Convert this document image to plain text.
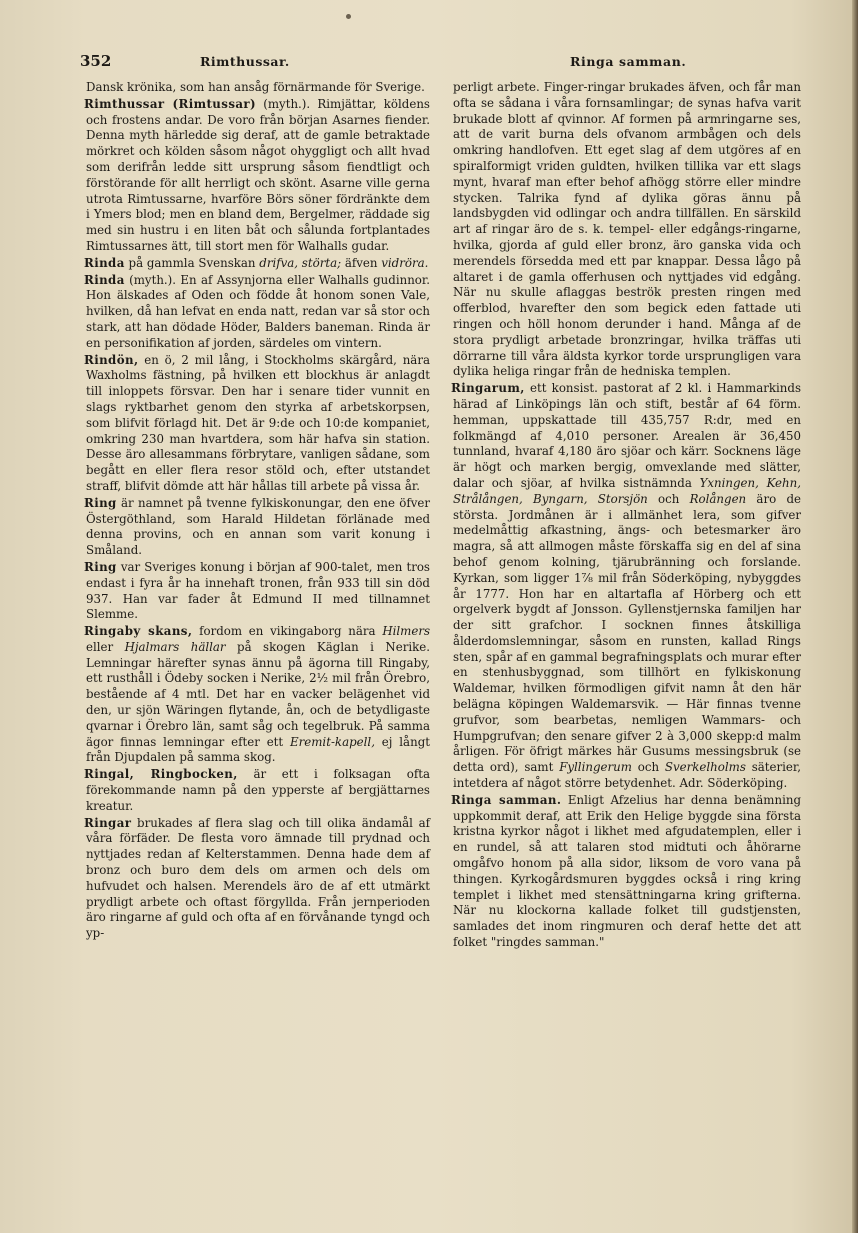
352	Rimthussar.	Ringa samman.

Dansk krönika, som han ansåg förnärmande för Sverige.

Rimthussar (Rimtussar) (myth.). Rimjättar, köldens och frostens andar. De voro från början Asarnes fiender. Denna myth härledde sig deraf, att de gamle betraktade mörkret och kölden såsom något ohyggligt och allt hvad som derifrån ledde sitt ursprung såsom fiendtligt och förstörande för allt herrligt och skönt. Asarne ville gerna utrota Rimtussarne, hvarföre Börs söner fördränkte dem i Ymers blod; men en bland dem, Bergelmer, räddade sig med sin hustru i en liten båt och sålunda fortplantades Rimtussarnes ätt, till stort men för Walhalls gudar.

Rinda på gammla Svenskan drifva, störta; äfven vidröra.

Rinda (myth.). En af Assynjorna eller Walhalls gudinnor. Hon älskades af Oden och födde åt honom sonen Vale, hvilken, då han lefvat en enda natt, redan var så stor och stark, att han dödade Höder, Balders baneman. Rinda är en personifikation af jorden, särdeles om vintern.

Rindön, en ö, 2 mil lång, i Stockholms skärgård, nära Waxholms fästning, på hvilken ett blockhus är anlagdt till inloppets försvar. Den har i senare tider vunnit en slags ryktbarhet genom den styrka af arbetskorpsen, som blifvit förlagd hit. Det är 9:de och 10:de kompaniet, omkring 230 man hvartdera, som här hafva sin station. Desse äro allesammans förbrytare, vanligen sådane, som begått en eller flera resor stöld och, efter utstandet straff, blifvit dömde att här hållas till arbete på vissa år.

Ring är namnet på tvenne fylkiskonungar, den ene öfver Östergöthland, som Harald Hildetan förlänade med denna provins, och en annan som varit konung i Småland.

Ring var Sveriges konung i början af 900-talet, men tros endast i fyra år ha innehaft tronen, från 933 till sin död 937. Han var fader åt Edmund II med tillnamnet Slemme.

Ringaby skans, fordom en vikingaborg nära Hilmers eller Hjalmars hällar på skogen Käglan i Nerike. Lemningar härefter synas ännu på ägorna till Ringaby, ett rusthåll i Ödeby socken i Nerike, 2½ mil från Örebro, bestående af 4 mtl. Det har en vacker belägenhet vid den, ur sjön Wäringen flytande, ån, och de betydligaste qvarnar i Örebro län, samt såg och tegelbruk. På samma ägor finnas lemningar efter ett Eremit-kapell, ej långt från Djupdalen på samma skog.

Ringal, Ringbocken, är ett i folksagan ofta förekommande namn på den ypperste af bergjättarnes kreatur.

Ringar brukades af flera slag och till olika ändamål af våra förfäder. De flesta voro ämnade till prydnad och nyttjades redan af Kelterstammen. Denna hade dem af bronz och buro dem dels om armen och dels om hufvudet och halsen. Merendels äro de af ett utmärkt prydligt arbete och oftast förgyllda. Från jernperioden äro ringarne af guld och ofta af en förvånande tyngd och yp-

perligt arbete. Finger-ringar brukades äfven, och får man ofta se sådana i våra fornsamlingar; de synas hafva varit brukade blott af qvinnor. Af formen på armringarne ses, att de varit burna dels ofvanom armbågen och dels omkring handlofven. Ett eget slag af dem utgöres af en spiralformigt vriden guldten, hvilken tillika var ett slags mynt, hvaraf man efter behof afhögg större eller mindre stycken. Talrika fynd af dylika göras ännu på landsbygden vid odlingar och andra tillfällen. En särskild art af ringar äro de s. k. tempel- eller edgångs-ringarne, hvilka, gjorda af guld eller bronz, äro ganska vida och merendels försedda med ett par knappar. Dessa lågo på altaret i de gamla offerhusen och nyttjades vid edgång. När nu skulle aflaggas beströk presten ringen med offerblod, hvarefter den som begick eden fattade uti ringen och höll honom derunder i hand. Många af de stora prydligt arbetade bronzringar, hvilka träffas uti dörrarne till våra äldsta kyrkor torde ursprungligen vara dylika heliga ringar från de hedniska templen.

Ringarum, ett konsist. pastorat af 2 kl. i Hammarkinds härad af Linköpings län och stift, består af 64 förm. hemman, uppskattade till 435,757 R:dr, med en folkmängd af 4,010 personer. Arealen är 36,450 tunnland, hvaraf 4,180 äro sjöar och kärr. Socknens läge är högt och marken bergig, omvexlande med slätter, dalar och sjöar, af hvilka sistnämnda Yxningen, Kehn, Strålången, Byngarn, Storsjön och Rolången äro de största. Jordmånen är i allmänhet lera, som gifver medelmåttig afkastning, ängs- och betesmarker äro magra, så att allmogen måste förskaffa sig en del af sina behof genom kolning, tjärubränning och forslande. Kyrkan, som ligger 1⅞ mil från Söderköping, nybyggdes år 1777. Hon har en altartafla af Hörberg och ett orgelverk bygdt af Jonsson. Gyllenstjernska familjen har der sitt grafchor. I socknen finnes åtskilliga ålderdomslemningar, såsom en runsten, kallad Rings sten, spår af en gammal begrafningsplats och murar efter en stenhusbyggnad, som tillhört en fylkiskonung Waldemar, hvilken förmodligen gifvit namn åt den här belägna köpingen Waldemarsvik. — Här finnas tvenne grufvor, som bearbetas, nemligen Wammars- och Humpgrufvan; den senare gifver 2 à 3,000 skepp:d malm årligen. För öfrigt märkes här Gusums messingsbruk (se detta ord), samt Fyllingerum och Sverkelholms säterier, intetdera af något större betydenhet. Adr. Söderköping.

Ringa samman. Enligt Afzelius har denna benämning uppkommit deraf, att Erik den Helige byggde sina första kristna kyrkor något i likhet med afgudatemplen, eller i en rundel, så att talaren stod midtuti och åhörarne omgåfvo honom på alla sidor, liksom de voro vana på thingen. Kyrkogårdsmuren byggdes också i ring kring templet i likhet med stensättningarna kring grifterna. När nu klockorna kallade folket till gudstjensten, samlades det inom ringmuren och deraf hette det att folket "ringdes samman."
